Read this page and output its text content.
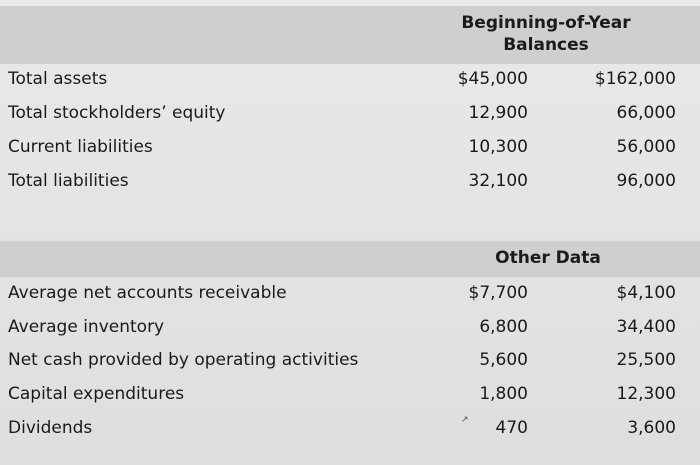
Beginning-of-Year
Balances
Total assets	$45,000	$162,000
Total stockholders’ equity	12,900	66,000
Current liabilities	10,300	56,000
Total liabilities	32,100	96,000
Other Data
Average net accounts receivable	$7,700	$4,100
Average inventory	6,800	34,400
Net cash provided by operating activities	5,600	25,500
Capital expenditures	1,800	12,300
Dividends	470	3,600
↗
